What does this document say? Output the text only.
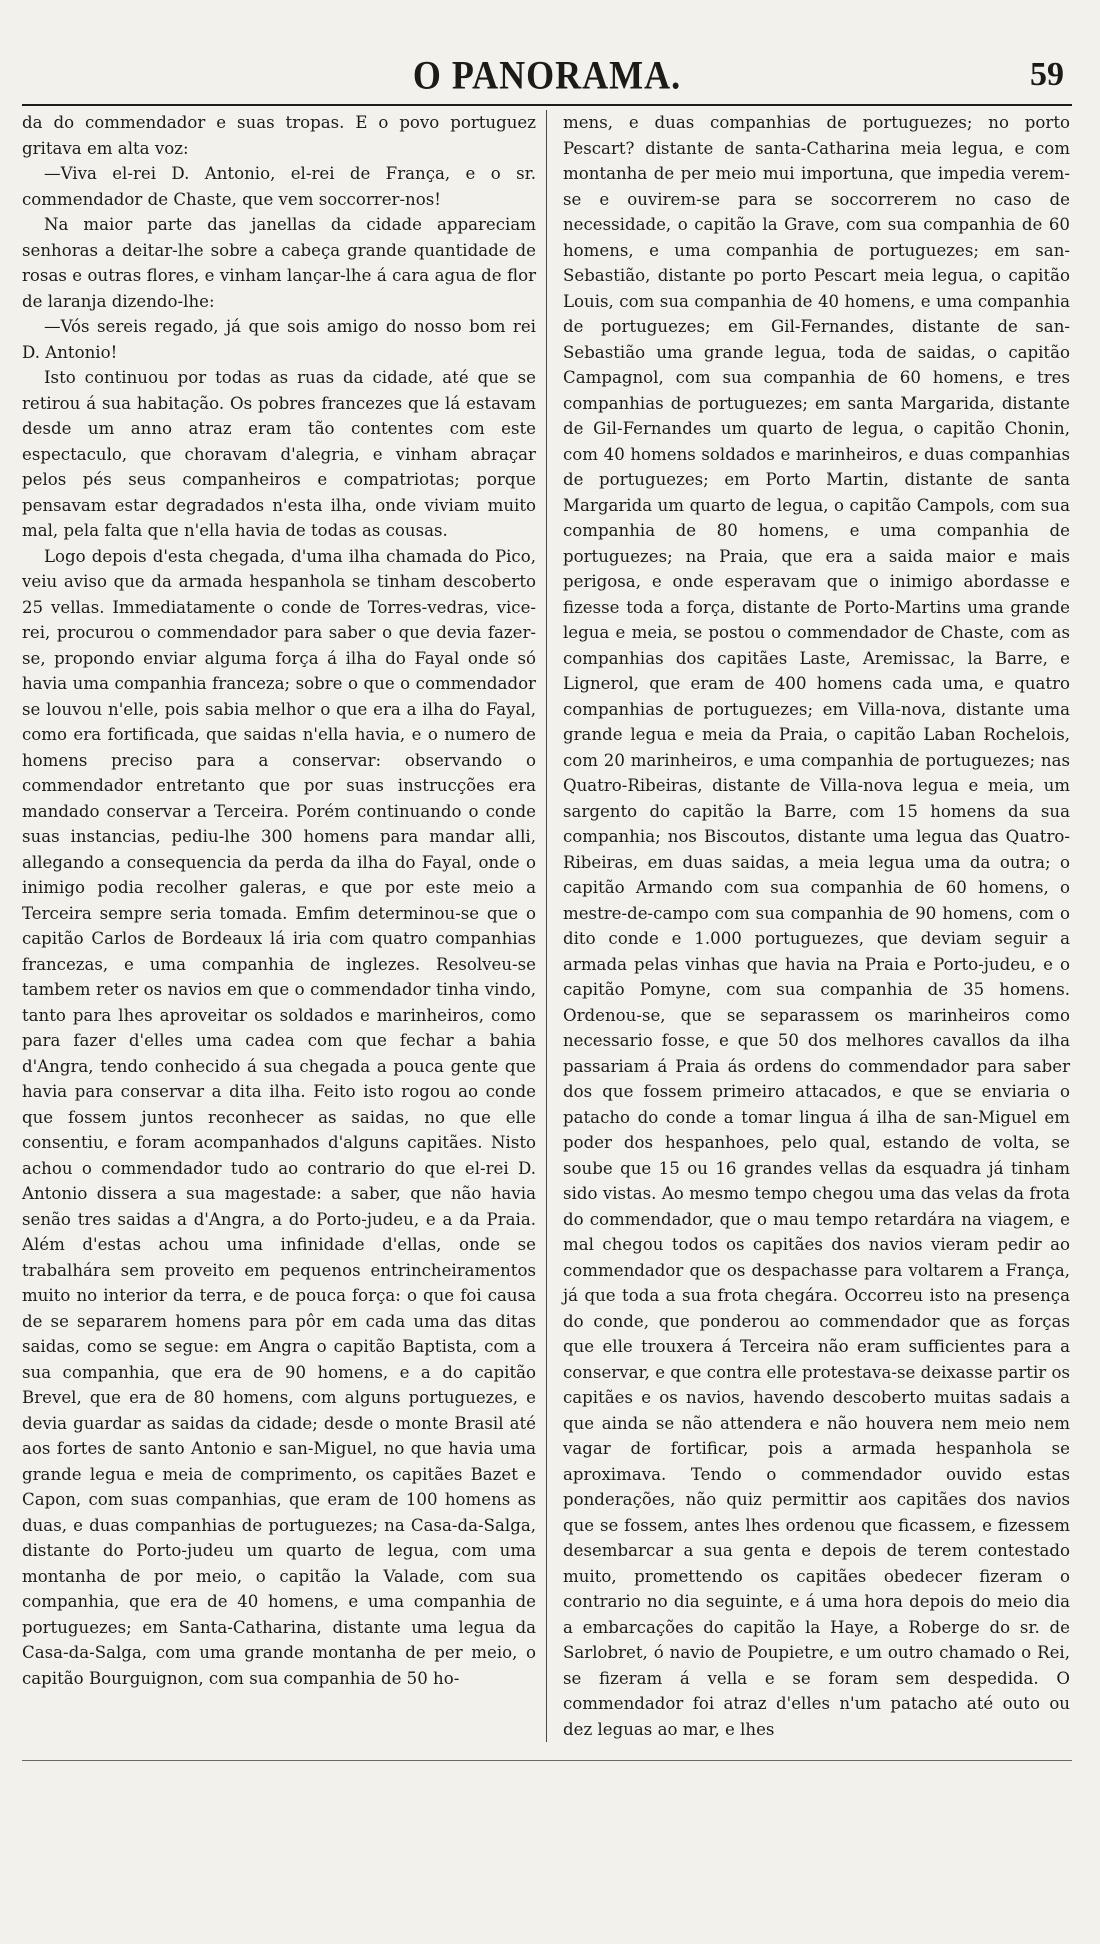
O PANORAMA.	59

da do commendador e suas tropas. E o povo portuguez gritava em alta voz:

—Viva el-rei D. Antonio, el-rei de França, e o sr. commendador de Chaste, que vem soccorrer-nos!

Na maior parte das janellas da cidade appareciam senhoras a deitar-lhe sobre a cabeça grande quantidade de rosas e outras flores, e vinham lançar-lhe á cara agua de flor de laranja dizendo-lhe:

—Vós sereis regado, já que sois amigo do nosso bom rei D. Antonio!

Isto continuou por todas as ruas da cidade, até que se retirou á sua habitação. Os pobres francezes que lá estavam desde um anno atraz eram tão contentes com este espectaculo, que choravam d'alegria, e vinham abraçar pelos pés seus companheiros e compatriotas; porque pensavam estar degradados n'esta ilha, onde viviam muito mal, pela falta que n'ella havia de todas as cousas.

Logo depois d'esta chegada, d'uma ilha chamada do Pico, veiu aviso que da armada hespanhola se tinham descoberto 25 vellas. Immediatamente o conde de Torres-vedras, vice-rei, procurou o commendador para saber o que devia fazer-se, propondo enviar alguma força á ilha do Fayal onde só havia uma companhia franceza; sobre o que o commendador se louvou n'elle, pois sabia melhor o que era a ilha do Fayal, como era fortificada, que saidas n'ella havia, e o numero de homens preciso para a conservar: observando o commendador entretanto que por suas instrucções era mandado conservar a Terceira. Porém continuando o conde suas instancias, pediu-lhe 300 homens para mandar alli, allegando a consequencia da perda da ilha do Fayal, onde o inimigo podia recolher galeras, e que por este meio a Terceira sempre seria tomada. Emfim determinou-se que o capitão Carlos de Bordeaux lá iria com quatro companhias francezas, e uma companhia de inglezes. Resolveu-se tambem reter os navios em que o commendador tinha vindo, tanto para lhes aproveitar os soldados e marinheiros, como para fazer d'elles uma cadea com que fechar a bahia d'Angra, tendo conhecido á sua chegada a pouca gente que havia para conservar a dita ilha. Feito isto rogou ao conde que fossem juntos reconhecer as saidas, no que elle consentiu, e foram acompanhados d'alguns capitães. Nisto achou o commendador tudo ao contrario do que el-rei D. Antonio dissera a sua magestade: a saber, que não havia senão tres saidas a d'Angra, a do Porto-judeu, e a da Praia. Além d'estas achou uma infinidade d'ellas, onde se trabalhára sem proveito em pequenos entrincheiramentos muito no interior da terra, e de pouca força: o que foi causa de se separarem homens para pôr em cada uma das ditas saidas, como se segue: em Angra o capitão Baptista, com a sua companhia, que era de 90 homens, e a do capitão Brevel, que era de 80 homens, com alguns portuguezes, e devia guardar as saidas da cidade; desde o monte Brasil até aos fortes de santo Antonio e san-Miguel, no que havia uma grande legua e meia de comprimento, os capitães Bazet e Capon, com suas companhias, que eram de 100 homens as duas, e duas companhias de portuguezes; na Casa-da-Salga, distante do Porto-judeu um quarto de legua, com uma montanha de por meio, o capitão la Valade, com sua companhia, que era de 40 homens, e uma companhia de portuguezes; em Santa-Catharina, distante uma legua da Casa-da-Salga, com uma grande montanha de per meio, o capitão Bourguignon, com sua companhia de 50 ho-

mens, e duas companhias de portuguezes; no porto Pescart? distante de santa-Catharina meia legua, e com montanha de per meio mui importuna, que impedia verem-se e ouvirem-se para se soccorrerem no caso de necessidade, o capitão la Grave, com sua companhia de 60 homens, e uma companhia de portuguezes; em san-Sebastião, distante po porto Pescart meia legua, o capitão Louis, com sua companhia de 40 homens, e uma companhia de portuguezes; em Gil-Fernandes, distante de san-Sebastião uma grande legua, toda de saidas, o capitão Campagnol, com sua companhia de 60 homens, e tres companhias de portuguezes; em santa Margarida, distante de Gil-Fernandes um quarto de legua, o capitão Chonin, com 40 homens soldados e marinheiros, e duas companhias de portuguezes; em Porto Martin, distante de santa Margarida um quarto de legua, o capitão Campols, com sua companhia de 80 homens, e uma companhia de portuguezes; na Praia, que era a saida maior e mais perigosa, e onde esperavam que o inimigo abordasse e fizesse toda a força, distante de Porto-Martins uma grande legua e meia, se postou o commendador de Chaste, com as companhias dos capitães Laste, Aremissac, la Barre, e Lignerol, que eram de 400 homens cada uma, e quatro companhias de portuguezes; em Villa-nova, distante uma grande legua e meia da Praia, o capitão Laban Rochelois, com 20 marinheiros, e uma companhia de portuguezes; nas Quatro-Ribeiras, distante de Villa-nova legua e meia, um sargento do capitão la Barre, com 15 homens da sua companhia; nos Biscoutos, distante uma legua das Quatro-Ribeiras, em duas saidas, a meia legua uma da outra; o capitão Armando com sua companhia de 60 homens, o mestre-de-campo com sua companhia de 90 homens, com o dito conde e 1.000 portuguezes, que deviam seguir a armada pelas vinhas que havia na Praia e Porto-judeu, e o capitão Pomyne, com sua companhia de 35 homens. Ordenou-se, que se separassem os marinheiros como necessario fosse, e que 50 dos melhores cavallos da ilha passariam á Praia ás ordens do commendador para saber dos que fossem primeiro attacados, e que se enviaria o patacho do conde a tomar lingua á ilha de san-Miguel em poder dos hespanhoes, pelo qual, estando de volta, se soube que 15 ou 16 grandes vellas da esquadra já tinham sido vistas. Ao mesmo tempo chegou uma das velas da frota do commendador, que o mau tempo retardára na viagem, e mal chegou todos os capitães dos navios vieram pedir ao commendador que os despachasse para voltarem a França, já que toda a sua frota chegára. Occorreu isto na presença do conde, que ponderou ao commendador que as forças que elle trouxera á Terceira não eram sufficientes para a conservar, e que contra elle protestava-se deixasse partir os capitães e os navios, havendo descoberto muitas sadais a que ainda se não attendera e não houvera nem meio nem vagar de fortificar, pois a armada hespanhola se aproximava. Tendo o commendador ouvido estas ponderações, não quiz permittir aos capitães dos navios que se fossem, antes lhes ordenou que ficassem, e fizessem desembarcar a sua genta e depois de terem contestado muito, promettendo os capitães obedecer fizeram o contrario no dia seguinte, e á uma hora depois do meio dia a embarcações do capitão la Haye, a Roberge do sr. de Sarlobret, ó navio de Poupietre, e um outro chamado o Rei, se fizeram á vella e se foram sem despedida. O commendador foi atraz d'elles n'um patacho até outo ou dez leguas ao mar, e lhes
